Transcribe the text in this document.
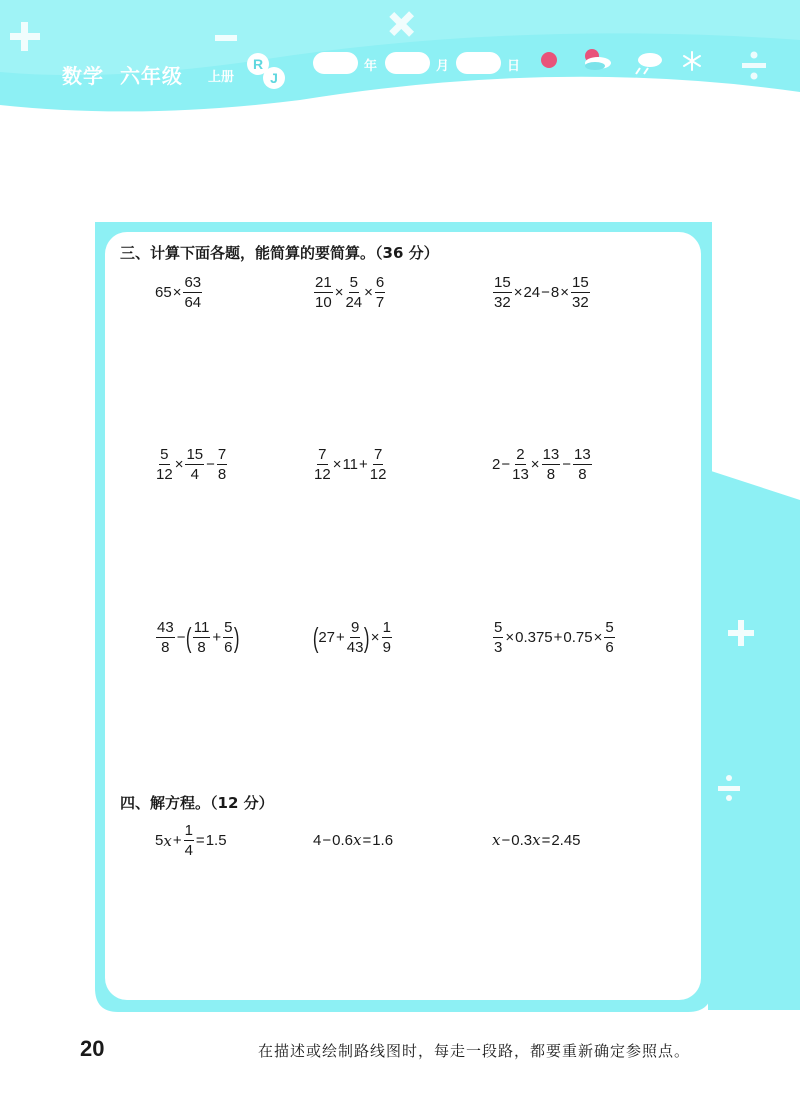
数学 六年级 上册
R
J
年	月	日
三、计算下面各题，能简算的要简算。（36 分）
$65 \times \frac{63}{64}$	$\frac{21}{10} \times \frac{5}{24} \times \frac{6}{7}$	$\frac{15}{32} \times 24 - 8 \times \frac{15}{32}$
$\frac{5}{12} \times \frac{15}{4} - \frac{7}{8}$	$\frac{7}{12} \times 11 + \frac{7}{12}$	$2 - \frac{2}{13} \times \frac{13}{8} - \frac{13}{8}$
$\frac{43}{8}$ − ( $\frac{11}{8} + \frac{5}{6}$ )	( $27 + \frac{9}{43}$ ) × $\frac{1}{9}$	$\frac{5}{3} \times 0.375 + 0.75 \times \frac{5}{6}$
四、解方程。（12 分）
5 $x + \frac{1}{4} = 1.5$	4 − 0.6 x = 1.6	x − 0.3 x = 2.45
20	在描述或绘制路线图时，每走一段路，都要重新确定参照点。
